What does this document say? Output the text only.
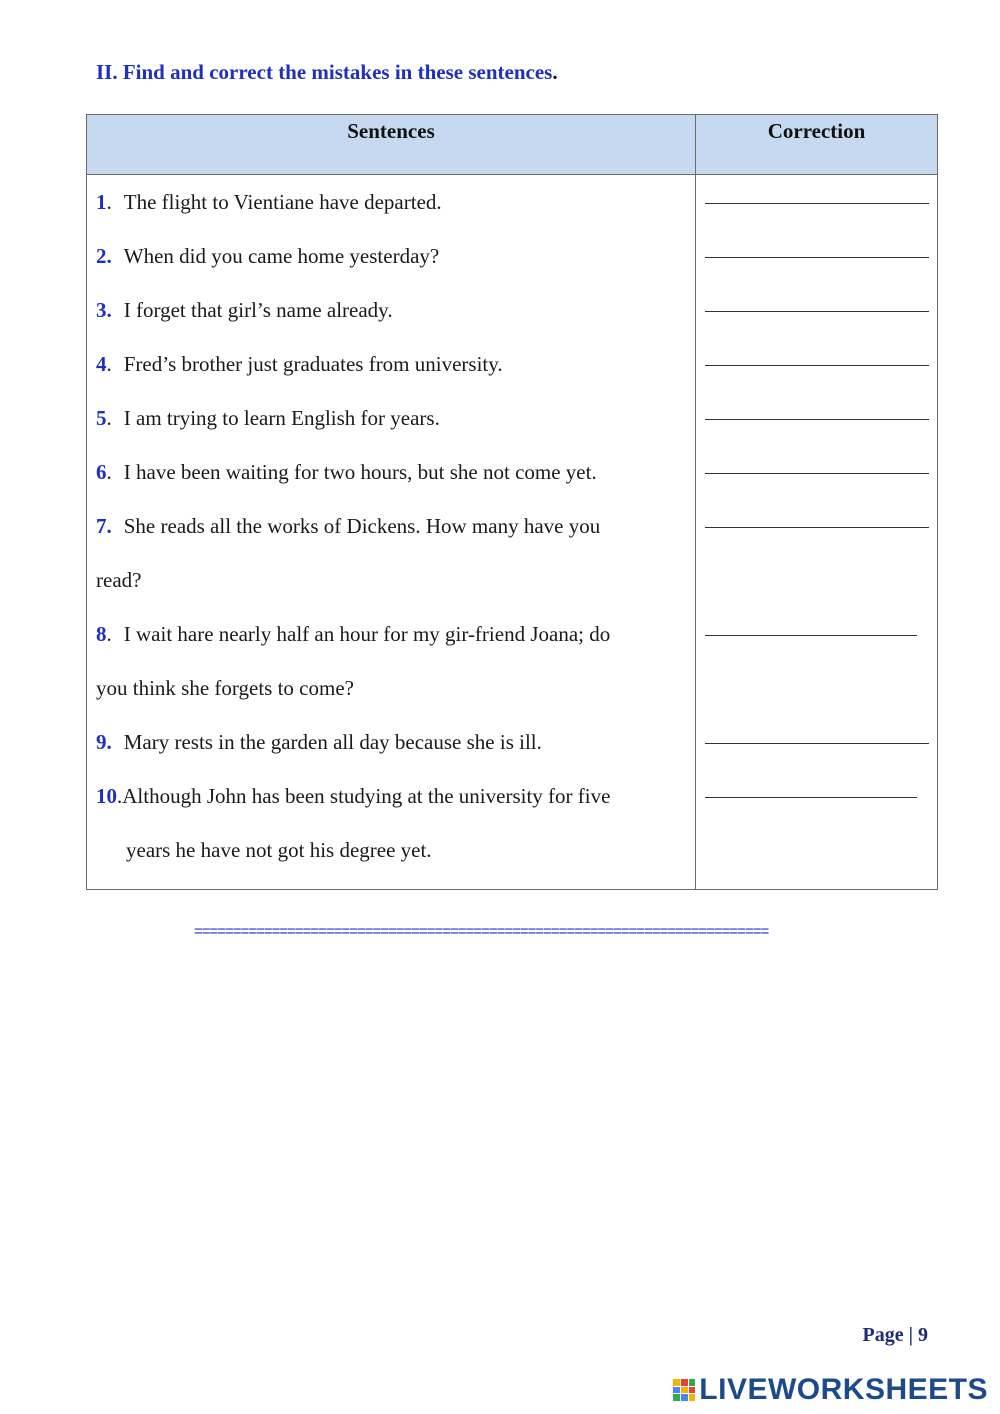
II. Find and correct the mistakes in these sentences.
Sentences	Correction

1. The flight to Vientiane have departed.	

2. When did you came home yesterday?	

3. I forget that girl’s name already.	

4. Fred’s brother just graduates from university.	

5. I am trying to learn English for years.	

6. I have been waiting for two hours, but she not come yet.	

7. She reads all the works of Dickens. How many have you
read?	

8. I wait hare nearly half an hour for my gir-friend Joana; do
you think she forgets to come?	

9. Mary rests in the garden all day because she is ill.	

10.Although John has been studying at the university for five
years he have not got his degree yet.	

==========================================================================
Page | 9
LIVEWORKSHEETS
